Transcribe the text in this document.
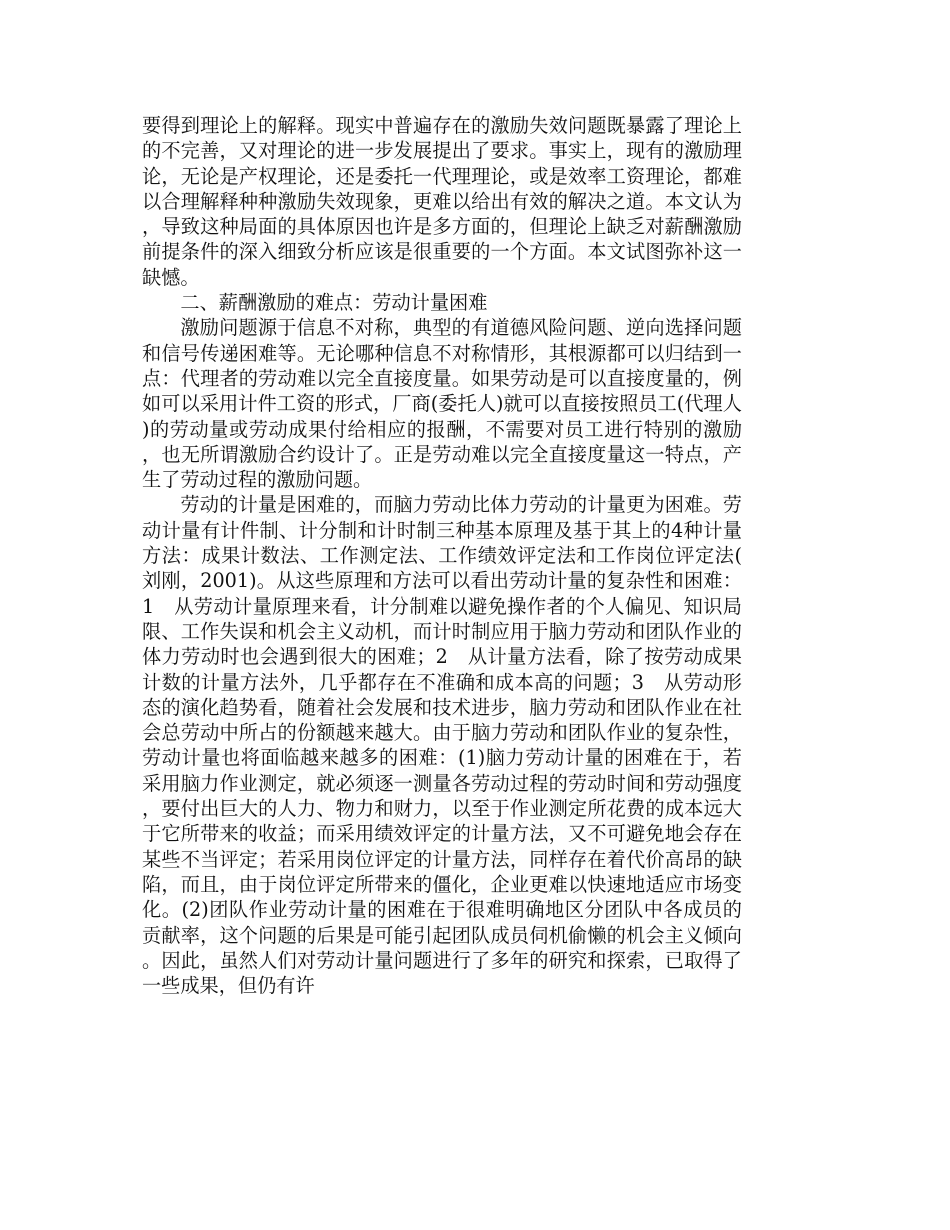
要得到理论上的解释。现实中普遍存在的激励失效问题既暴露了理论上的不完善，又对理论的进一步发展提出了要求。事实上，现有的激励理论，无论是产权理论，还是委托一代理理论，或是效率工资理论，都难以合理解释种种激励失效现象，更难以给出有效的解决之道。本文认为，导致这种局面的具体原因也许是多方面的，但理论上缺乏对薪酬激励前提条件的深入细致分析应该是很重要的一个方面。本文试图弥补这一缺憾。

二、薪酬激励的难点：劳动计量困难

激励问题源于信息不对称，典型的有道德风险问题、逆向选择问题和信号传递困难等。无论哪种信息不对称情形，其根源都可以归结到一点：代理者的劳动难以完全直接度量。如果劳动是可以直接度量的，例如可以采用计件工资的形式，厂商(委托人)就可以直接按照员工(代理人)的劳动量或劳动成果付给相应的报酬，不需要对员工进行特别的激励，也无所谓激励合约设计了。正是劳动难以完全直接度量这一特点，产生了劳动过程的激励问题。

劳动的计量是困难的，而脑力劳动比体力劳动的计量更为困难。劳动计量有计件制、计分制和计时制三种基本原理及基于其上的4种计量方法：成果计数法、工作测定法、工作绩效评定法和工作岗位评定法(刘刚，2001)。从这些原理和方法可以看出劳动计量的复杂性和困难：1　从劳动计量原理来看，计分制难以避免操作者的个人偏见、知识局限、工作失误和机会主义动机，而计时制应用于脑力劳动和团队作业的体力劳动时也会遇到很大的困难；2　从计量方法看，除了按劳动成果计数的计量方法外，几乎都存在不准确和成本高的问题；3　从劳动形态的演化趋势看，随着社会发展和技术进步，脑力劳动和团队作业在社会总劳动中所占的份额越来越大。由于脑力劳动和团队作业的复杂性，劳动计量也将面临越来越多的困难：(1)脑力劳动计量的困难在于，若采用脑力作业测定，就必须逐一测量各劳动过程的劳动时间和劳动强度，要付出巨大的人力、物力和财力，以至于作业测定所花费的成本远大于它所带来的收益；而采用绩效评定的计量方法，又不可避免地会存在某些不当评定；若采用岗位评定的计量方法，同样存在着代价高昂的缺陷，而且，由于岗位评定所带来的僵化，企业更难以快速地适应市场变化。(2)团队作业劳动计量的困难在于很难明确地区分团队中各成员的贡献率，这个问题的后果是可能引起团队成员伺机偷懒的机会主义倾向。因此，虽然人们对劳动计量问题进行了多年的研究和探索，已取得了一些成果，但仍有许
